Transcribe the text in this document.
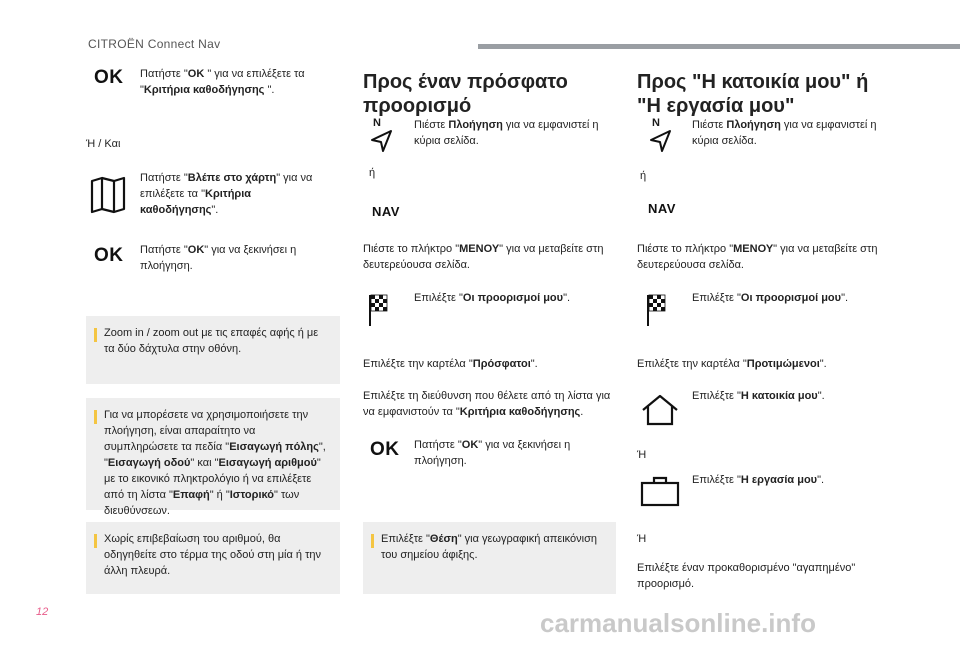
CITROËN Connect Nav
OK Πατήστε "OK " για να επιλέξετε τα "Κριτήρια καθοδήγησης ".
Ή / Και
Πατήστε "Βλέπε στο χάρτη" για να επιλέξετε τα "Κριτήρια καθοδήγησης".
OK Πατήστε "OK" για να ξεκινήσει η πλοήγηση.
Zoom in / zoom out με τις επαφές αφής ή με τα δύο δάχτυλα στην οθόνη.
Για να μπορέσετε να χρησιμοποιήσετε την πλοήγηση, είναι απαραίτητο να συμπληρώσετε τα πεδία "Εισαγωγή πόλης", "Εισαγωγή οδού" και "Εισαγωγή αριθμού" με το εικονικό πληκτρολόγιο ή να επιλέξετε από τη λίστα "Επαφή" ή "Ιστορικό" των διευθύνσεων.
Χωρίς επιβεβαίωση του αριθμού, θα οδηγηθείτε στο τέρμα της οδού στη μία ή την άλλη πλευρά.
Προς έναν πρόσφατο προορισμό
N	Πιέστε Πλοήγηση για να εμφανιστεί η κύρια σελίδα.
ή
NAV
Πιέστε το πλήκτρο "ΜΕΝΟΥ" για να μεταβείτε στη δευτερεύουσα σελίδα.
Επιλέξτε "Οι προορισμοί μου".
Επιλέξτε την καρτέλα "Πρόσφατοι".
Επιλέξτε τη διεύθυνση που θέλετε από τη λίστα για να εμφανιστούν τα "Κριτήρια καθοδήγησης.
OK Πατήστε "OK" για να ξεκινήσει η πλοήγηση.
Επιλέξτε "Θέση" για γεωγραφική απεικόνιση του σημείου άφιξης.
Προς "Η κατοικία μου" ή "Η εργασία μου"
N	Πιέστε Πλοήγηση για να εμφανιστεί η κύρια σελίδα.
ή
NAV
Πιέστε το πλήκτρο "ΜΕΝΟΥ" για να μεταβείτε στη δευτερεύουσα σελίδα.
Επιλέξτε "Οι προορισμοί μου".
Επιλέξτε την καρτέλα "Προτιμώμενοι".
Επιλέξτε "Η κατοικία μου".
Ή
Επιλέξτε "Η εργασία μου".
Ή
Επιλέξτε έναν προκαθορισμένο "αγαπημένο" προορισμό.
12	carmanualsonline.info
